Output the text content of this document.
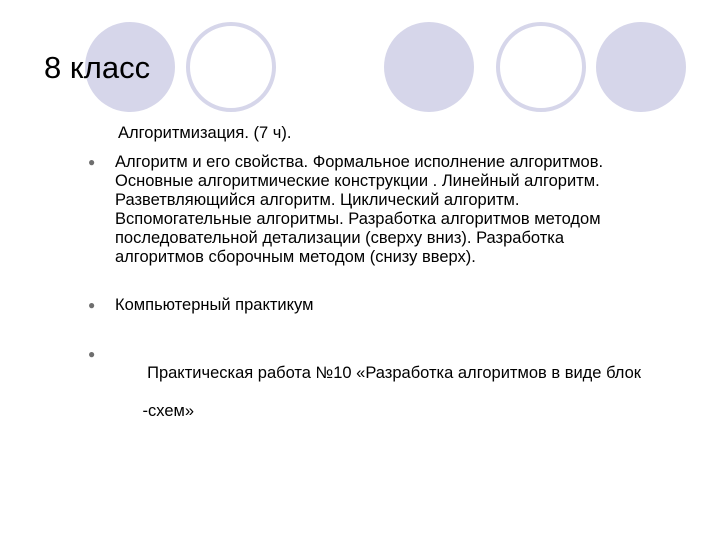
8 класс
Алгоритмизация. (7 ч).
● Алгоритм и его свойства. Формальное исполнение алгоритмов.
Основные алгоритмические конструкции . Линейный алгоритм.
Разветвляющийся алгоритм. Циклический алгоритм.
Вспомогательные алгоритмы. Разработка алгоритмов методом
последовательной детализации (сверху вниз). Разработка
алгоритмов сборочным методом (снизу вверх).
● Компьютерный практикум
●

Практическая работа №10 «Разработка алгоритмов в виде блок

-схем»
